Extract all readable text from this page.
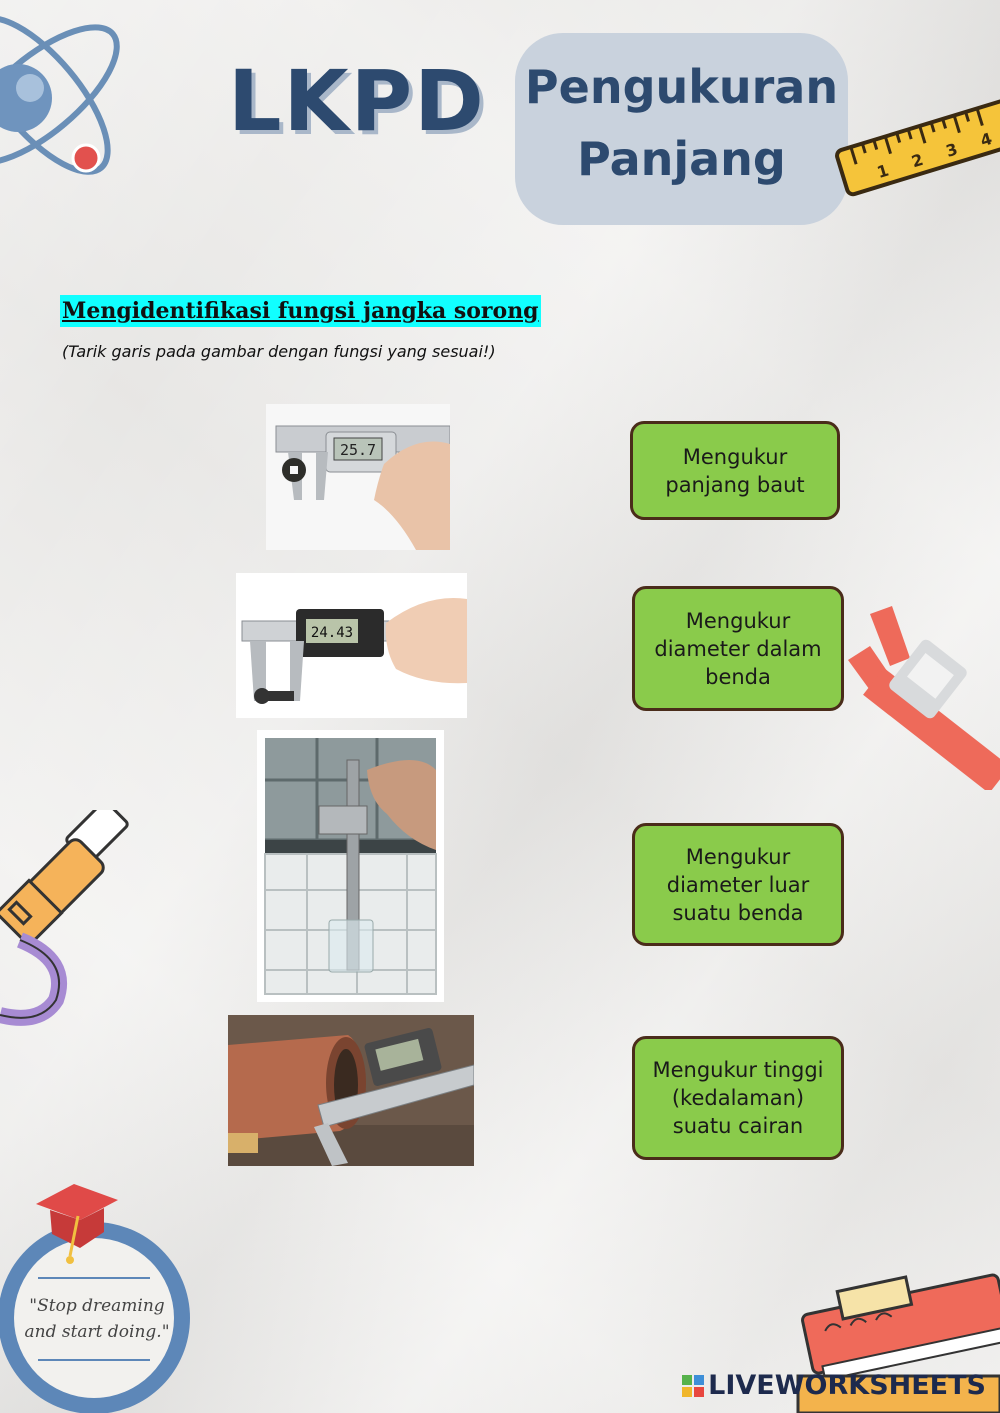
LKPD Pengukuran
Panjang	1 2 3 4
Mengidentifikasi fungsi jangka sorong
(Tarik garis pada gambar dengan fungsi yang sesuai!)
25.7
24.43
Mengukur panjang baut
Mengukur diameter dalam benda
Mengukur diameter luar suatu benda
Mengukur tinggi (kedalaman) suatu cairan
"Stop dreaming and start doing."
LIVEWORKSHEETS
